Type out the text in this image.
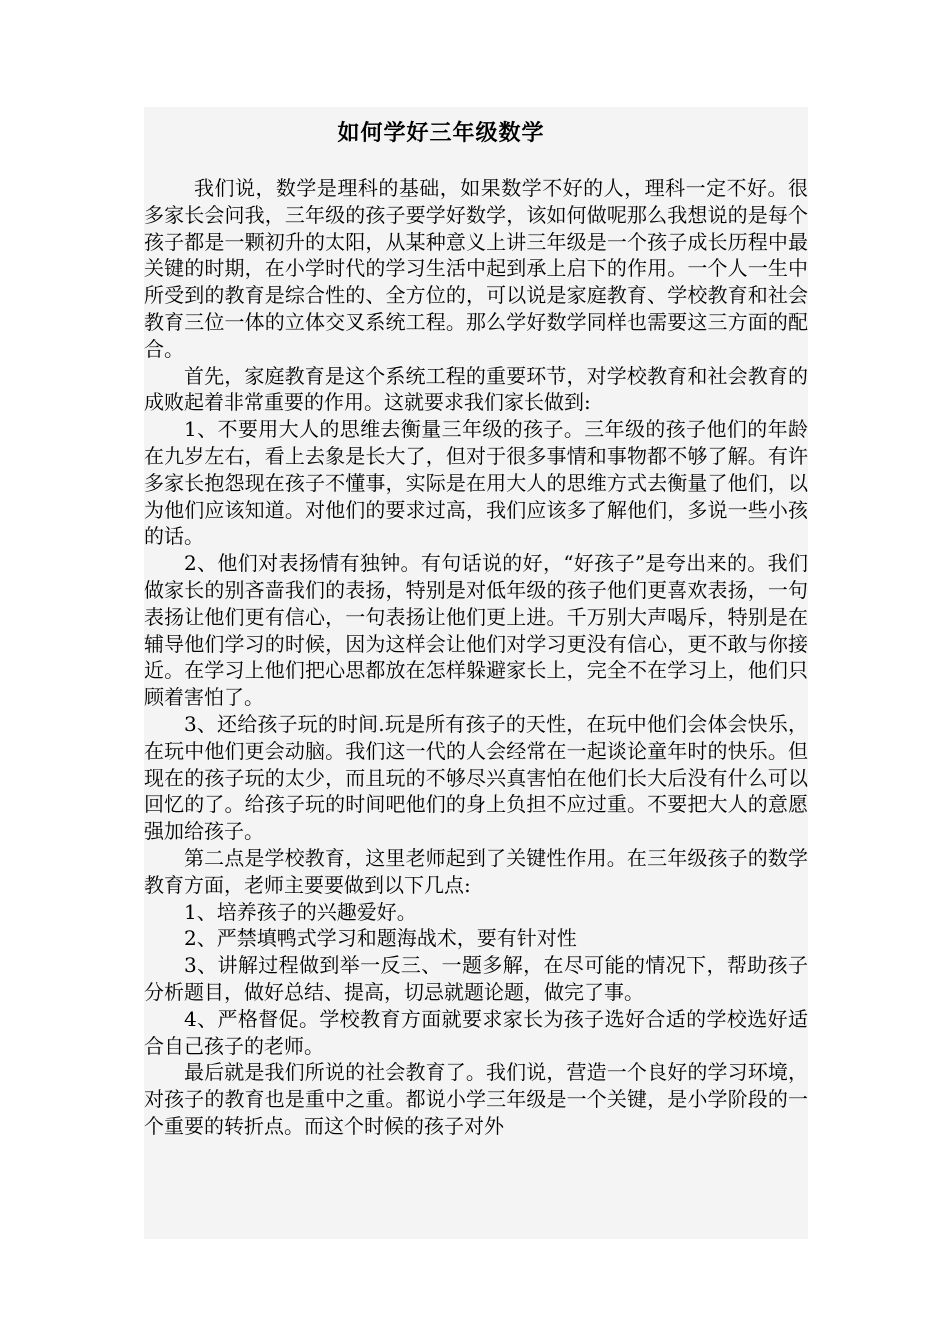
如何学好三年级数学

我们说，数学是理科的基础，如果数学不好的人，理科一定不好。很多家长会问我，三年级的孩子要学好数学，该如何做呢那么我想说的是每个孩子都是一颗初升的太阳，从某种意义上讲三年级是一个孩子成长历程中最关键的时期，在小学时代的学习生活中起到承上启下的作用。一个人一生中所受到的教育是综合性的、全方位的，可以说是家庭教育、学校教育和社会教育三位一体的立体交叉系统工程。那么学好数学同样也需要这三方面的配合。

首先，家庭教育是这个系统工程的重要环节，对学校教育和社会教育的成败起着非常重要的作用。这就要求我们家长做到:

1、不要用大人的思维去衡量三年级的孩子。三年级的孩子他们的年龄在九岁左右，看上去象是长大了，但对于很多事情和事物都不够了解。有许多家长抱怨现在孩子不懂事，实际是在用大人的思维方式去衡量了他们，以为他们应该知道。对他们的要求过高，我们应该多了解他们，多说一些小孩的话。

2、他们对表扬情有独钟。有句话说的好，“好孩子”是夸出来的。我们做家长的别吝啬我们的表扬，特别是对低年级的孩子他们更喜欢表扬，一句表扬让他们更有信心，一句表扬让他们更上进。千万别大声喝斥，特别是在辅导他们学习的时候，因为这样会让他们对学习更没有信心，更不敢与你接近。在学习上他们把心思都放在怎样躲避家长上，完全不在学习上，他们只顾着害怕了。

3、还给孩子玩的时间.玩是所有孩子的天性，在玩中他们会体会快乐，在玩中他们更会动脑。我们这一代的人会经常在一起谈论童年时的快乐。但现在的孩子玩的太少，而且玩的不够尽兴真害怕在他们长大后没有什么可以回忆的了。给孩子玩的时间吧他们的身上负担不应过重。不要把大人的意愿强加给孩子。

第二点是学校教育，这里老师起到了关键性作用。在三年级孩子的数学教育方面，老师主要要做到以下几点:

1、培养孩子的兴趣爱好。

2、严禁填鸭式学习和题海战术，要有针对性

3、讲解过程做到举一反三、一题多解，在尽可能的情况下，帮助孩子分析题目，做好总结、提高，切忌就题论题，做完了事。

4、严格督促。学校教育方面就要求家长为孩子选好合适的学校选好适合自己孩子的老师。

最后就是我们所说的社会教育了。我们说，营造一个良好的学习环境，对孩子的教育也是重中之重。都说小学三年级是一个关键，是小学阶段的一个重要的转折点。而这个时候的孩子对外
